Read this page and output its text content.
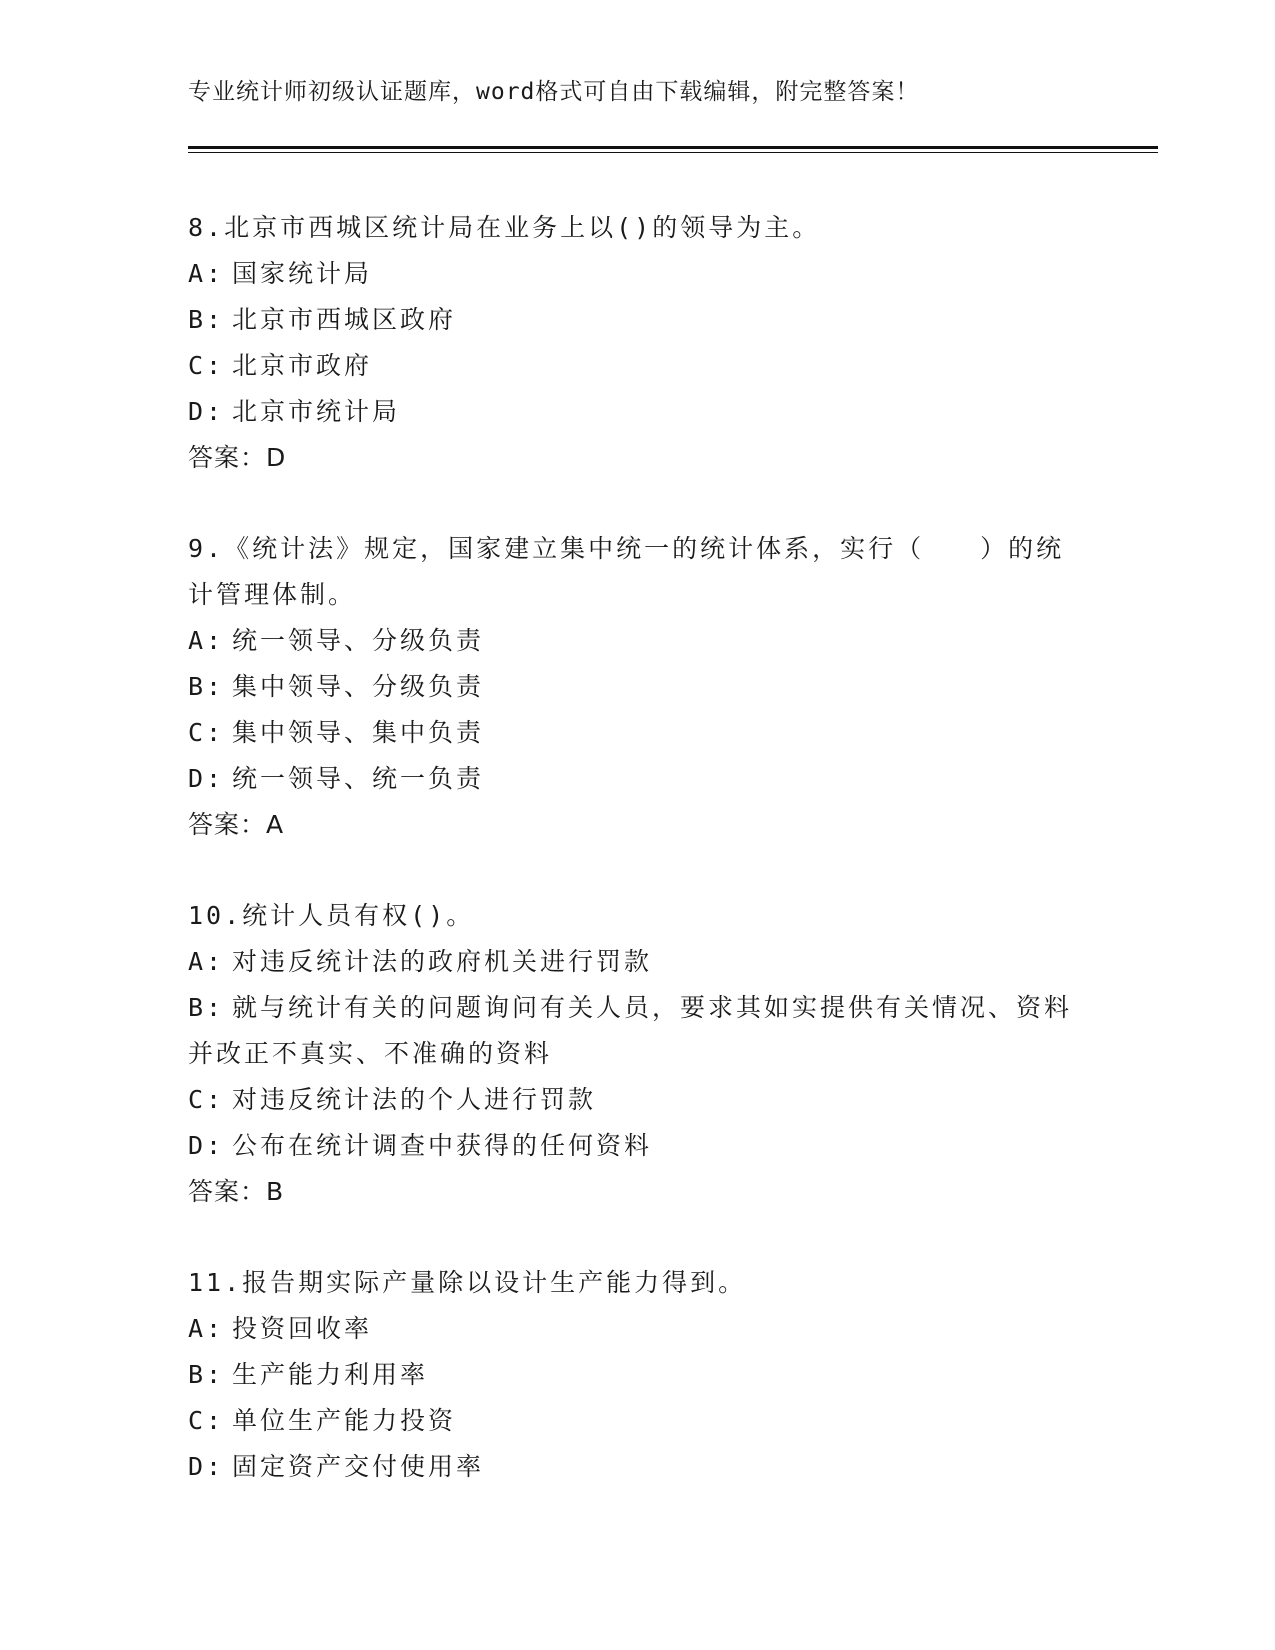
专业统计师初级认证题库，word格式可自由下载编辑，附完整答案！

8.北京市西城区统计局在业务上以()的领导为主。

A: 国家统计局

B: 北京市西城区政府

C: 北京市政府

D: 北京市统计局

答案：D

9.《统计法》规定，国家建立集中统一的统计体系，实行（　　）的统计管理体制。

A: 统一领导、分级负责

B: 集中领导、分级负责

C: 集中领导、集中负责

D: 统一领导、统一负责

答案：A

10.统计人员有权()。

A: 对违反统计法的政府机关进行罚款

B: 就与统计有关的问题询问有关人员，要求其如实提供有关情况、资料并改正不真实、不准确的资料

C: 对违反统计法的个人进行罚款

D: 公布在统计调查中获得的任何资料

答案：B

11.报告期实际产量除以设计生产能力得到。

A: 投资回收率

B: 生产能力利用率

C: 单位生产能力投资

D: 固定资产交付使用率
